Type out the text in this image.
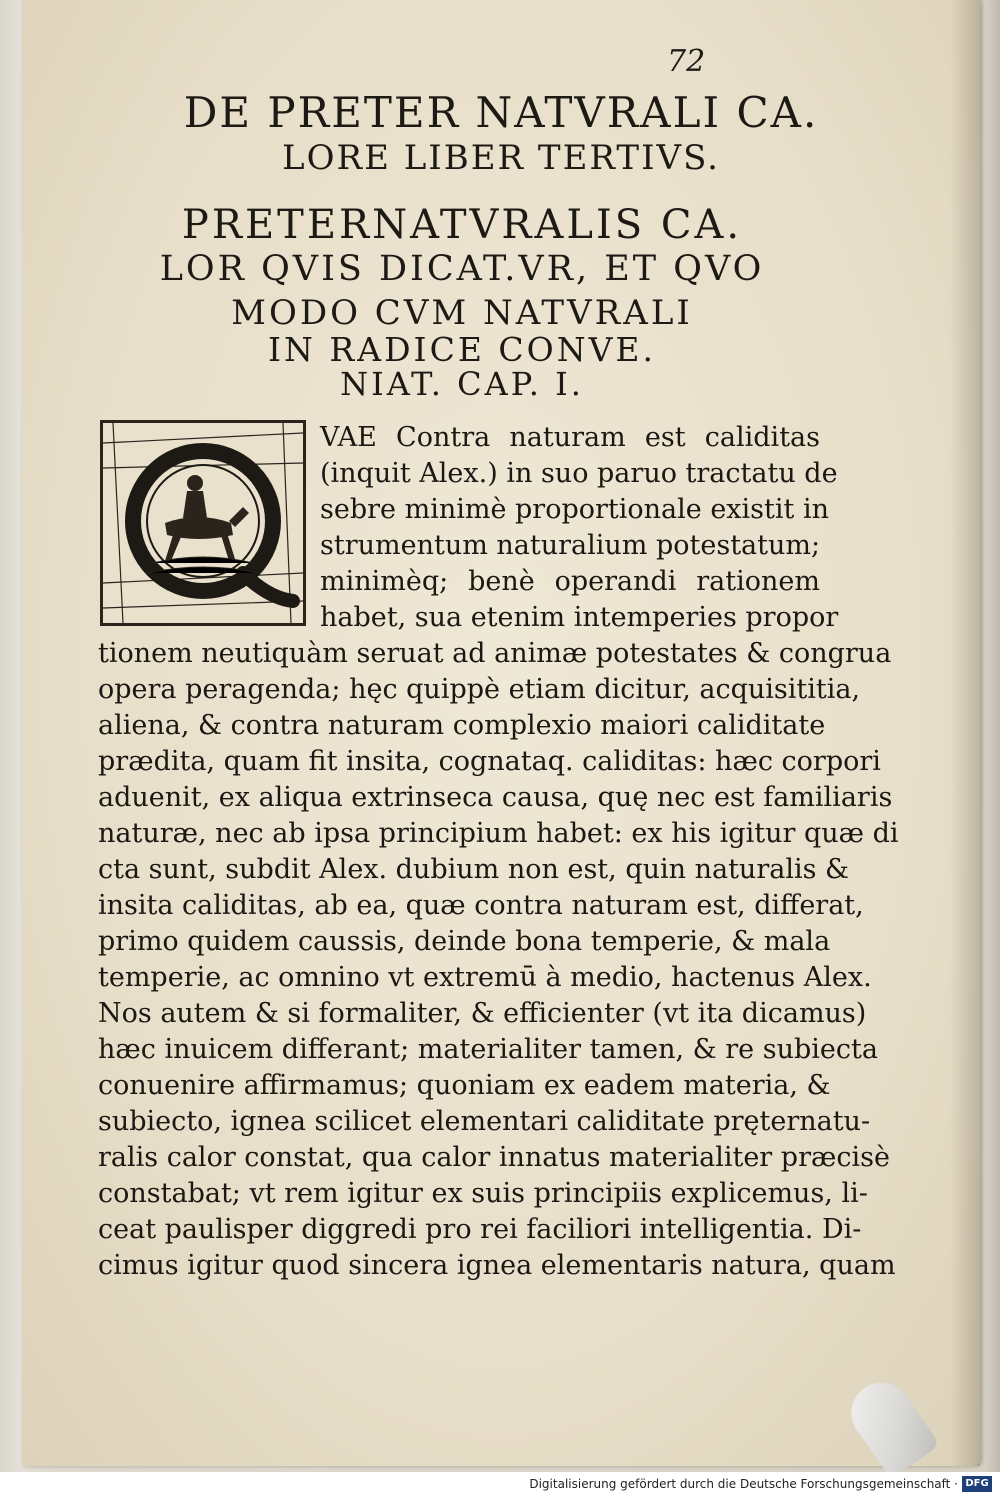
72
DE PRETER NATVRALI CA.
LORE LIBER TERTIVS.
PRETERNATVRALIS CA.
LOR QVIS DICAT.VR, ET QVO
MODO CVM NATVRALI
IN RADICE CONVE.
NIAT. CAP. I.
VAE Contra naturam est caliditas
(inquit Alex.) in suo paruo tractatu de
sebre minimè proportionale existit in
strumentum naturalium potestatum;
minimèq; benè operandi rationem
habet, sua etenim intemperies propor
tionem neutiquàm seruat ad animæ potestates & congrua
opera peragenda; hęc quippè etiam dicitur, acquisititia,
aliena, & contra naturam complexio maiori caliditate
prædita, quam fit insita, cognataq. caliditas: hæc corpori
aduenit, ex aliqua extrinseca causa, quę nec est familiaris
naturæ, nec ab ipsa principium habet: ex his igitur quæ di
cta sunt, subdit Alex. dubium non est, quin naturalis &
insita caliditas, ab ea, quæ contra naturam est, differat,
primo quidem caussis, deinde bona temperie, & mala
temperie, ac omnino vt extremū à medio, hactenus Alex.
Nos autem & si formaliter, & efficienter (vt ita dicamus)
hæc inuicem differant; materialiter tamen, & re subiecta
conuenire affirmamus; quoniam ex eadem materia, &
subiecto, ignea scilicet elementari caliditate pręternatu-
ralis calor constat, qua calor innatus materialiter præcisè
constabat; vt rem igitur ex suis principiis explicemus, li-
ceat paulisper diggredi pro rei faciliori intelligentia. Di-
cimus igitur quod sincera ignea elementaris natura, quam
Digitalisierung gefördert durch die Deutsche Forschungsgemeinschaft · DFG
